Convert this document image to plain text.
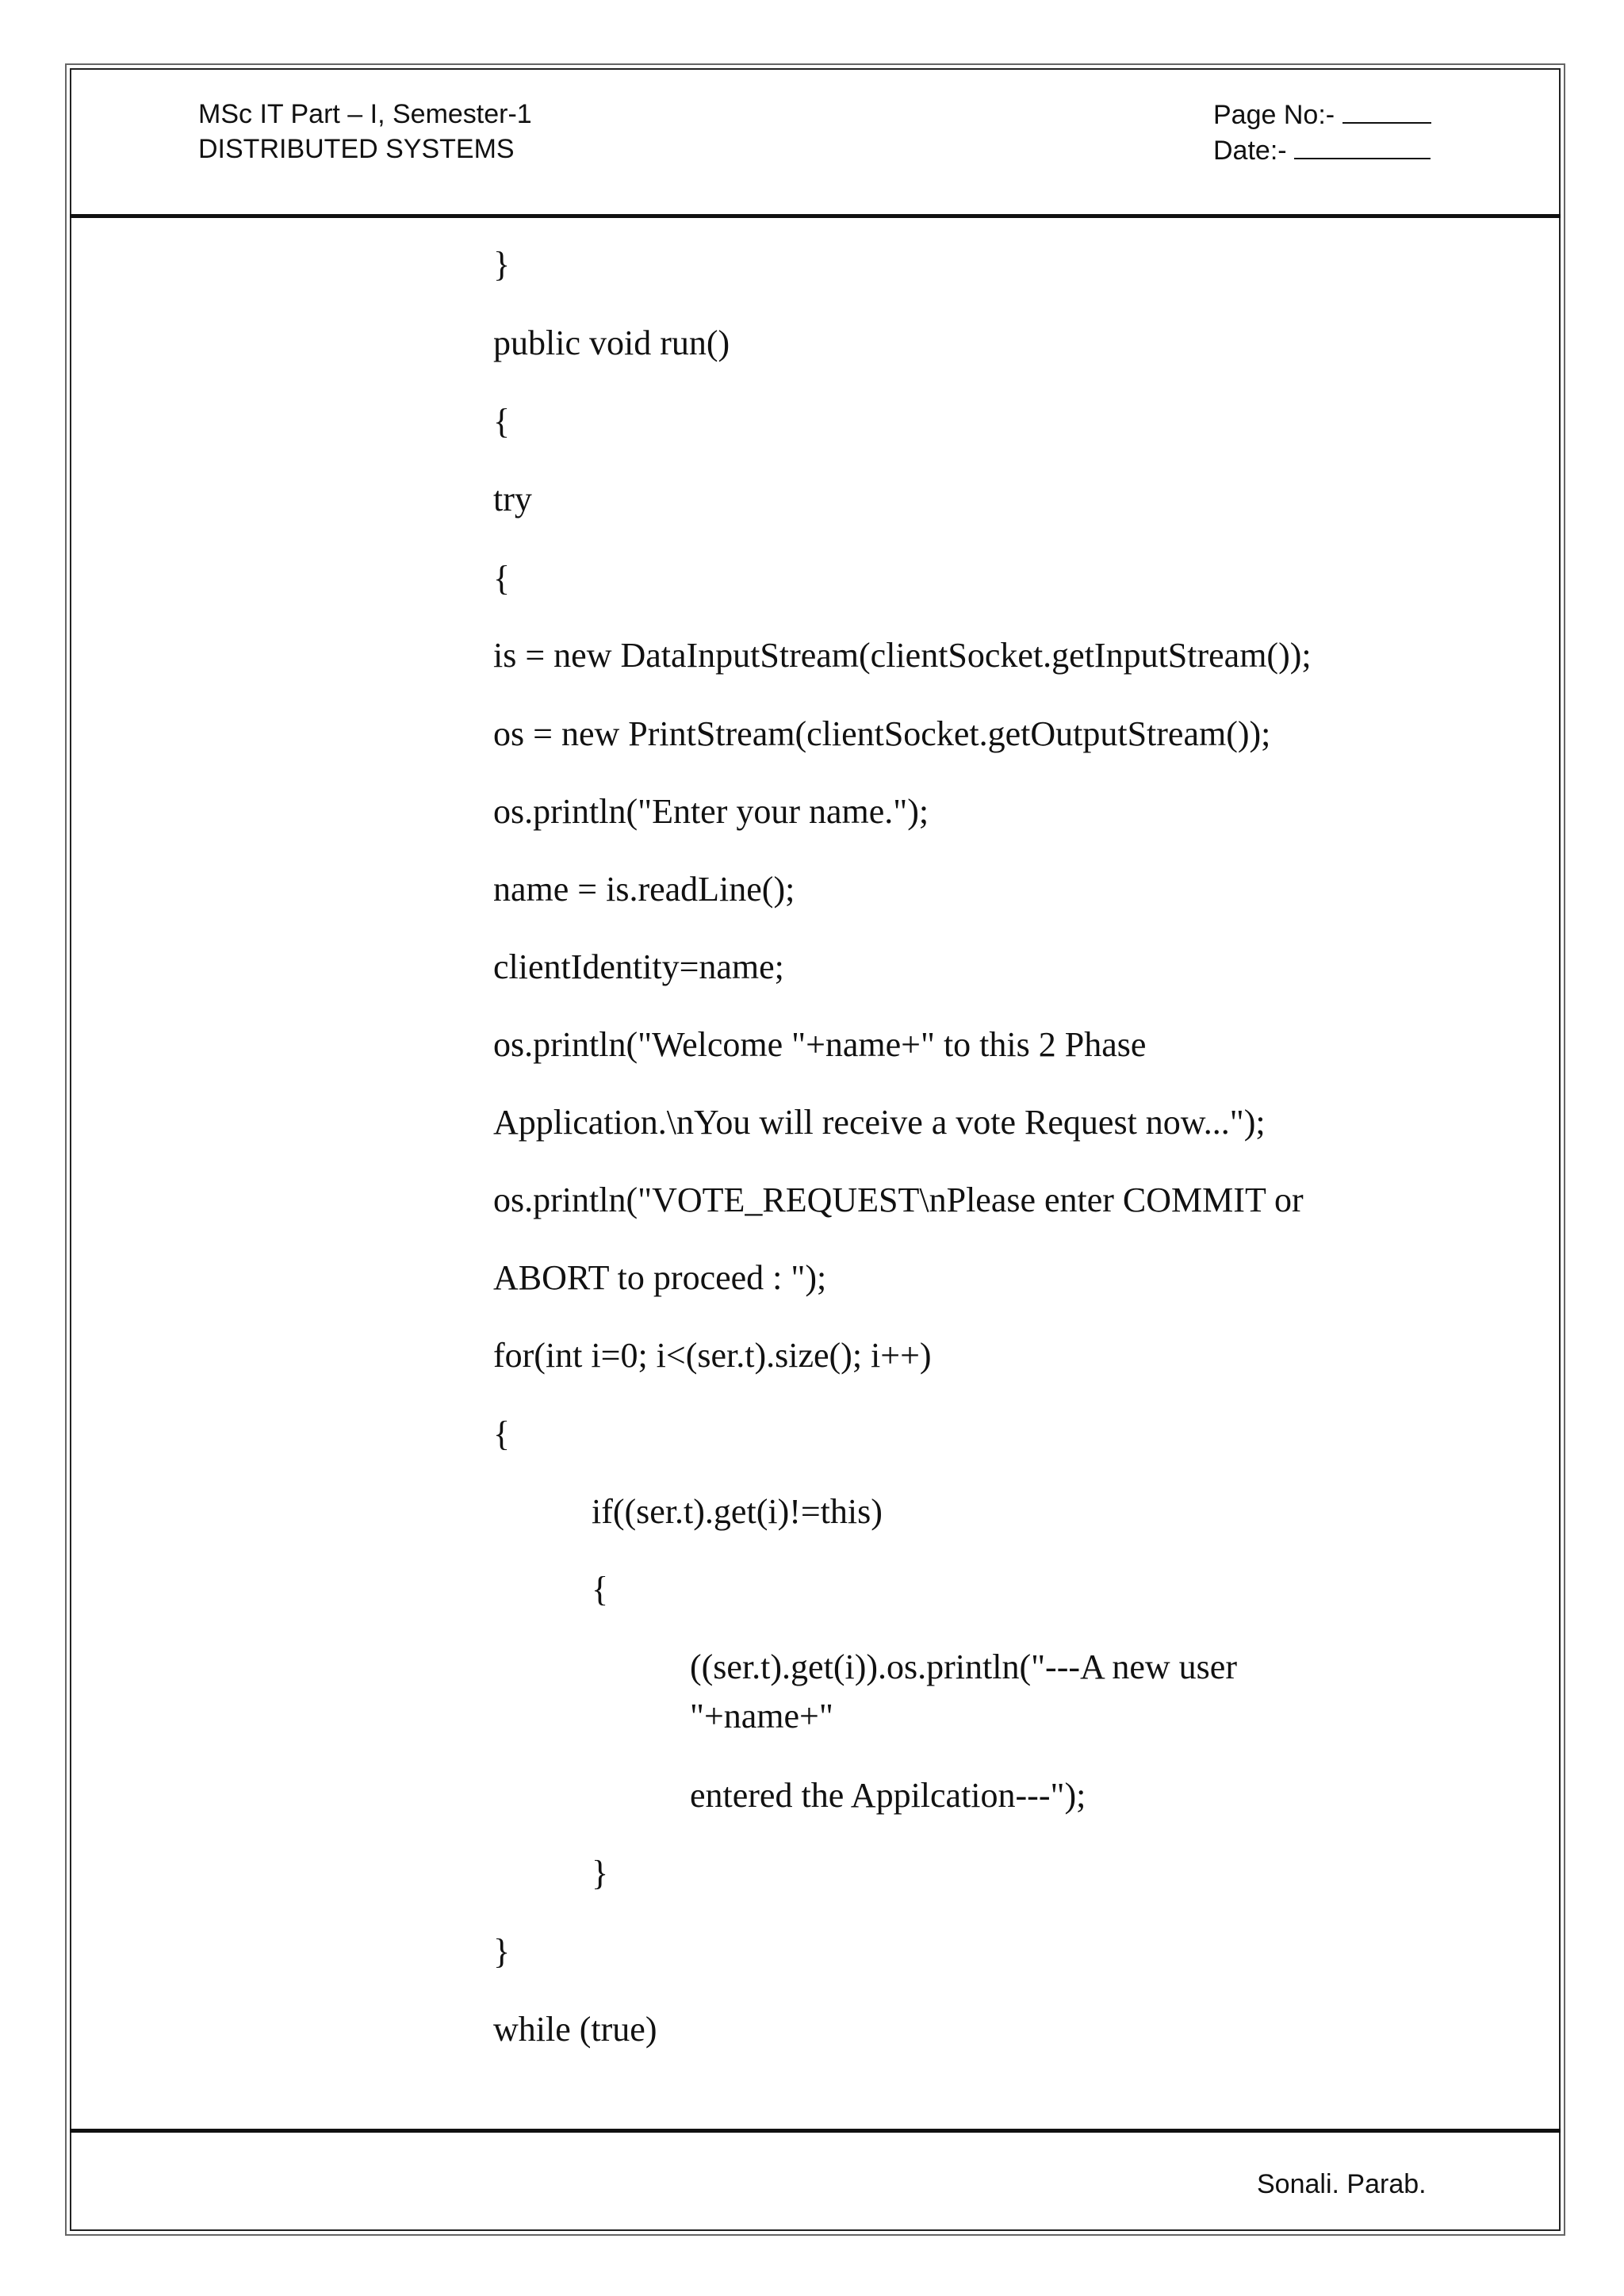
MSc IT Part – I, Semester-1
DISTRIBUTED SYSTEMS
Page No:-
Date:-
}
public void run()
{
try
{
is = new DataInputStream(clientSocket.getInputStream());
os = new PrintStream(clientSocket.getOutputStream());
os.println("Enter your name.");
name = is.readLine();
clientIdentity=name;
os.println("Welcome "+name+" to this 2 Phase
Application.\nYou will receive a vote Request now...");
os.println("VOTE_REQUEST\nPlease enter COMMIT or
ABORT to proceed : ");
for(int i=0; i<(ser.t).size(); i++)
{
if((ser.t).get(i)!=this)
{
((ser.t).get(i)).os.println("---A new user
"+name+"
entered the Appilcation---");
}
}
while (true)
Sonali. Parab.
